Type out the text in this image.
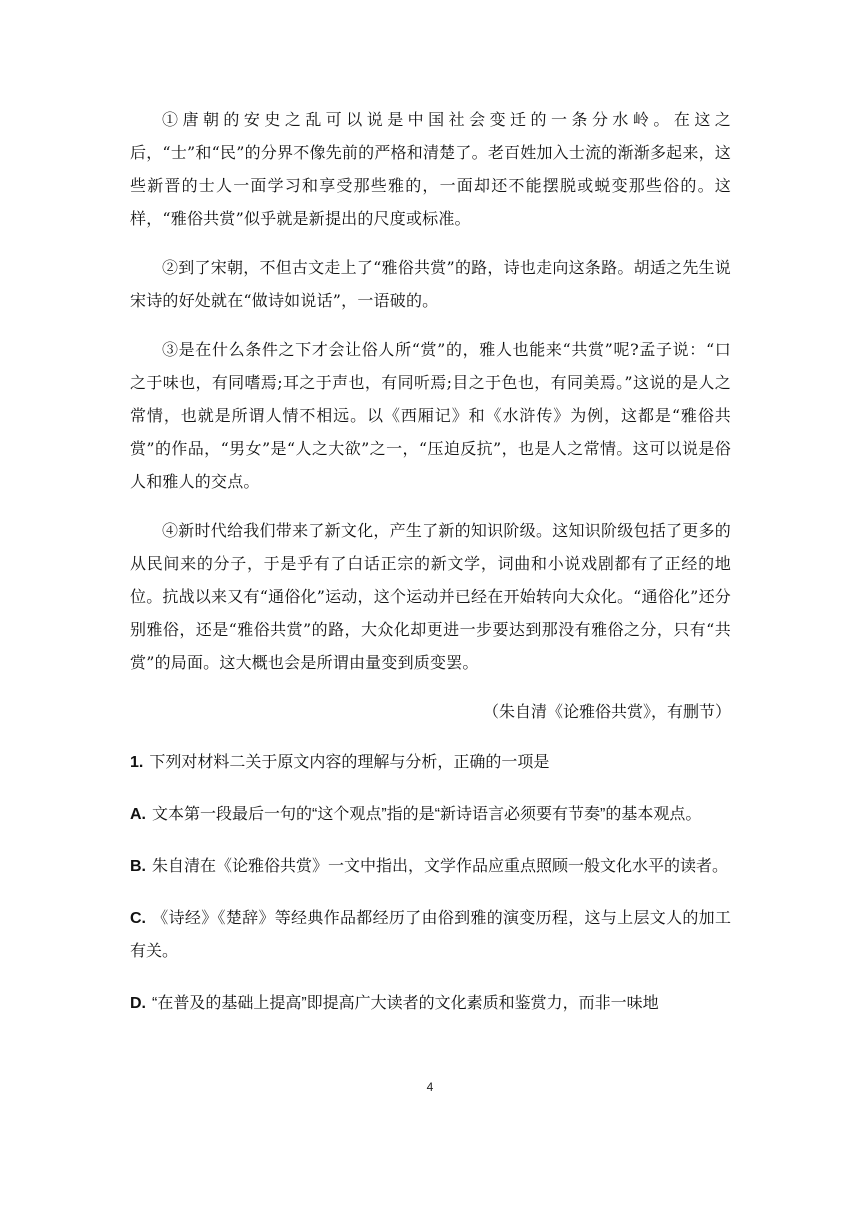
①唐朝的安史之乱可以说是中国社会变迁的一条分水岭。在这之后，“士”和“民”的分界不像先前的严格和清楚了。老百姓加入士流的渐渐多起来，这些新晋的士人一面学习和享受那些雅的，一面却还不能摆脱或蜕变那些俗的。这样，“雅俗共赏”似乎就是新提出的尺度或标准。

②到了宋朝，不但古文走上了“雅俗共赏”的路，诗也走向这条路。胡适之先生说宋诗的好处就在“做诗如说话”，一语破的。

③是在什么条件之下才会让俗人所“赏”的，雅人也能来“共赏”呢?孟子说：“口之于味也，有同嗜焉;耳之于声也，有同听焉;目之于色也，有同美焉。”这说的是人之常情，也就是所谓人情不相远。以《西厢记》和《水浒传》为例，这都是“雅俗共赏”的作品，“男女”是“人之大欲”之一，“压迫反抗”，也是人之常情。这可以说是俗人和雅人的交点。

④新时代给我们带来了新文化，产生了新的知识阶级。这知识阶级包括了更多的从民间来的分子，于是乎有了白话正宗的新文学，词曲和小说戏剧都有了正经的地位。抗战以来又有“通俗化”运动，这个运动并已经在开始转向大众化。“通俗化”还分别雅俗，还是“雅俗共赏”的路，大众化却更进一步要达到那没有雅俗之分，只有“共赏”的局面。这大概也会是所谓由量变到质变罢。

（朱自清《论雅俗共赏》，有删节）
1. 下列对材料二关于原文内容的理解与分析，正确的一项是
A. 文本第一段最后一句的“这个观点”指的是“新诗语言必须要有节奏”的基本观点。
B. 朱自清在《论雅俗共赏》一文中指出，文学作品应重点照顾一般文化水平的读者。
C. 《诗经》《楚辞》等经典作品都经历了由俗到雅的演变历程，这与上层文人的加工有关。
D. “在普及的基础上提高”即提高广大读者的文化素质和鉴赏力，而非一味地
4
